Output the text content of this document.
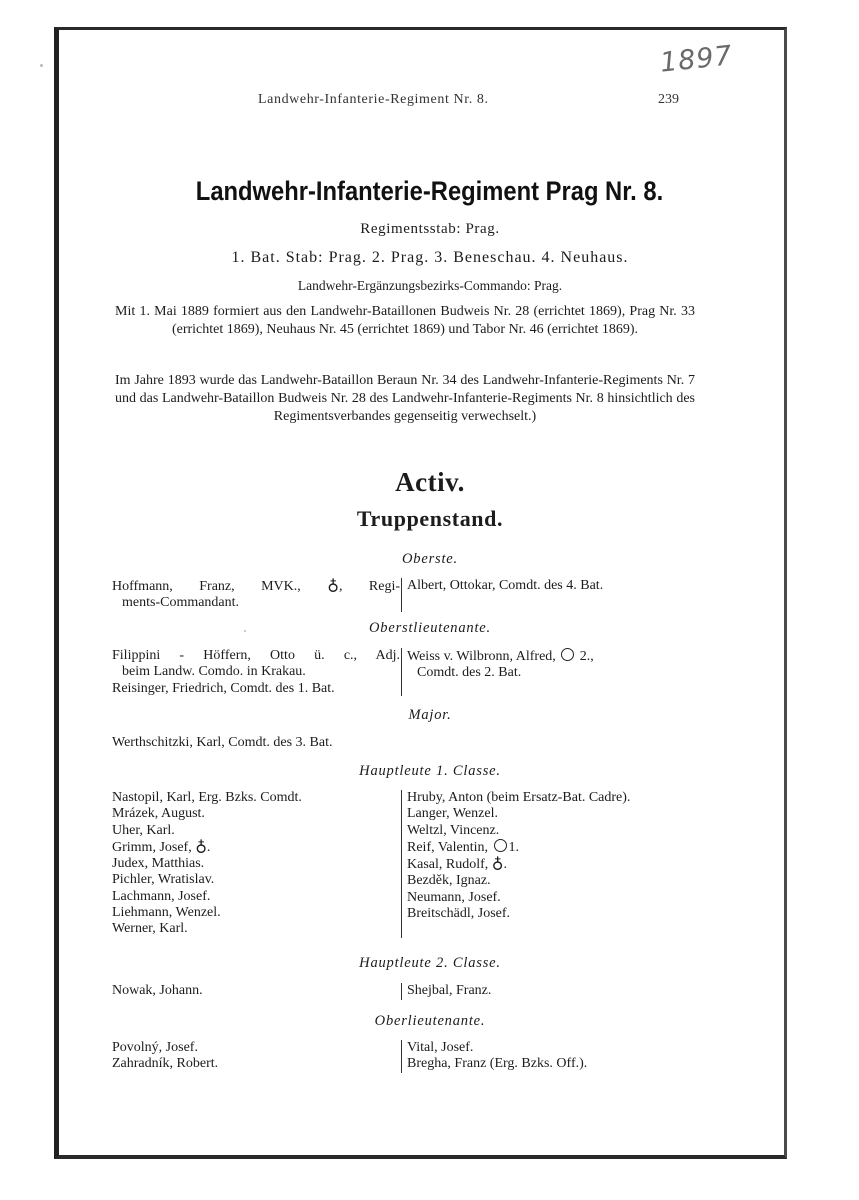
1897
Landwehr-Infanterie-Regiment Nr. 8.	239
Landwehr-Infanterie-Regiment Prag Nr. 8.
Regimentsstab: Prag.
1. Bat. Stab: Prag. 2. Prag. 3. Beneschau. 4. Neuhaus.
Landwehr-Ergänzungsbezirks-Commando: Prag.

Mit 1. Mai 1889 formiert aus den Landwehr-Bataillonen Budweis Nr. 28 (errichtet 1869), Prag Nr. 33 (errichtet 1869), Neuhaus Nr. 45 (errichtet 1869) und Tabor Nr. 46 (errichtet 1869).

Im Jahre 1893 wurde das Landwehr-Bataillon Beraun Nr. 34 des Landwehr-Infanterie-Regiments Nr. 7 und das Landwehr-Bataillon Budweis Nr. 28 des Landwehr-Infanterie-Regiments Nr. 8 hinsichtlich des Regimentsverbandes gegenseitig verwechselt.)

Activ.
Truppenstand.
Oberste.
Hoffmann, Franz, MVK., ♁, Regi-
ments-Commandant.
Albert, Ottokar, Comdt. des 4. Bat.
Oberstlieutenante.
Filippini - Höffern, Otto ü. c., Adj.
beim Landw. Comdo. in Krakau.
Reisinger, Friedrich, Comdt. des 1. Bat.
Weiss v. Wilbronn, Alfred, 2.,
Comdt. des 2. Bat.
Major.
Werthschitzki, Karl, Comdt. des 3. Bat.
Hauptleute 1. Classe.
Nastopil, Karl, Erg. Bzks. Comdt.
Mrázek, August.
Uher, Karl.
Grimm, Josef, ♁.
Judex, Matthias.
Pichler, Wratislav.
Lachmann, Josef.
Liehmann, Wenzel.
Werner, Karl.
Hruby, Anton (beim Ersatz-Bat. Cadre).
Langer, Wenzel.
Weltzl, Vincenz.
Reif, Valentin, 1.
Kasal, Rudolf, ♁.
Bezděk, Ignaz.
Neumann, Josef.
Breitschädl, Josef.
Hauptleute 2. Classe.
Nowak, Johann.	Shejbal, Franz.
Oberlieutenante.
Povolný, Josef.
Zahradník, Robert.
Vital, Josef.
Bregha, Franz (Erg. Bzks. Off.).
